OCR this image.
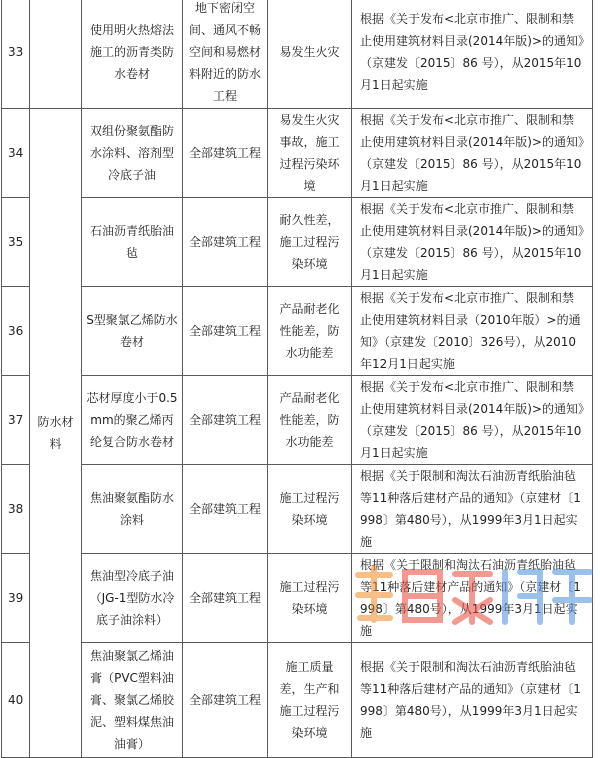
33		使用明火热熔法施工的沥青类防水卷材	地下密闭空间、通风不畅空间和易燃材料附近的防水工程	易发生火灾	根据《关于发布<北京市推广、限制和禁止使用建筑材料目录(2014年版)>的通知》（京建发〔2015〕86 号），从2015年10月1日起实施
34	防水材料	双组份聚氨酯防水涂料、溶剂型冷底子油	全部建筑工程	易发生火灾事故，施工过程污染环境	根据《关于发布<北京市推广、限制和禁止使用建筑材料目录(2014年版)>的通知》（京建发〔2015〕86 号），从2015年10月1日起实施
35		石油沥青纸胎油毡	全部建筑工程	耐久性差，施工过程污染环境	根据《关于发布<北京市推广、限制和禁止使用建筑材料目录(2014年版)>的通知》（京建发〔2015〕86 号），从2015年10月1日起实施
36		S型聚氯乙烯防水卷材	全部建筑工程	产品耐老化性能差，防水功能差	根据《关于发布<北京市推广、限制和禁止使用建筑材料目录（2010年版）>的通知》（京建发〔2010〕326号），从2010年12月1日起实施
37		芯材厚度小于0.5mm的聚乙烯丙纶复合防水卷材	全部建筑工程	产品耐老化性能差，防水功能差	根据《关于发布<北京市推广、限制和禁止使用建筑材料目录(2014年版)>的通知》（京建发〔2015〕86 号），从2015年10月1日起实施
38		焦油聚氨酯防水涂料	全部建筑工程	施工过程污染环境	根据《关于限制和淘汰石油沥青纸胎油毡等11种落后建材产品的通知》（京建材〔1998〕第480号），从1999年3月1日起实施
39		焦油型冷底子油（JG-1型防水冷底子油涂料）	全部建筑工程	施工过程污染环境	根据《关于限制和淘汰石油沥青纸胎油毡等11种落后建材产品的通知》（京建材〔1998〕第480号），从1999年3月1日起实施
40		焦油聚氯乙烯油膏（PVC塑料油膏、聚氯乙烯胶泥、塑料煤焦油油膏）	全部建筑工程	施工质量差，生产和施工过程污染环境	根据《关于限制和淘汰石油沥青纸胎油毡等11种落后建材产品的通知》（京建材〔1998〕第480号），从1999年3月1日起实施
